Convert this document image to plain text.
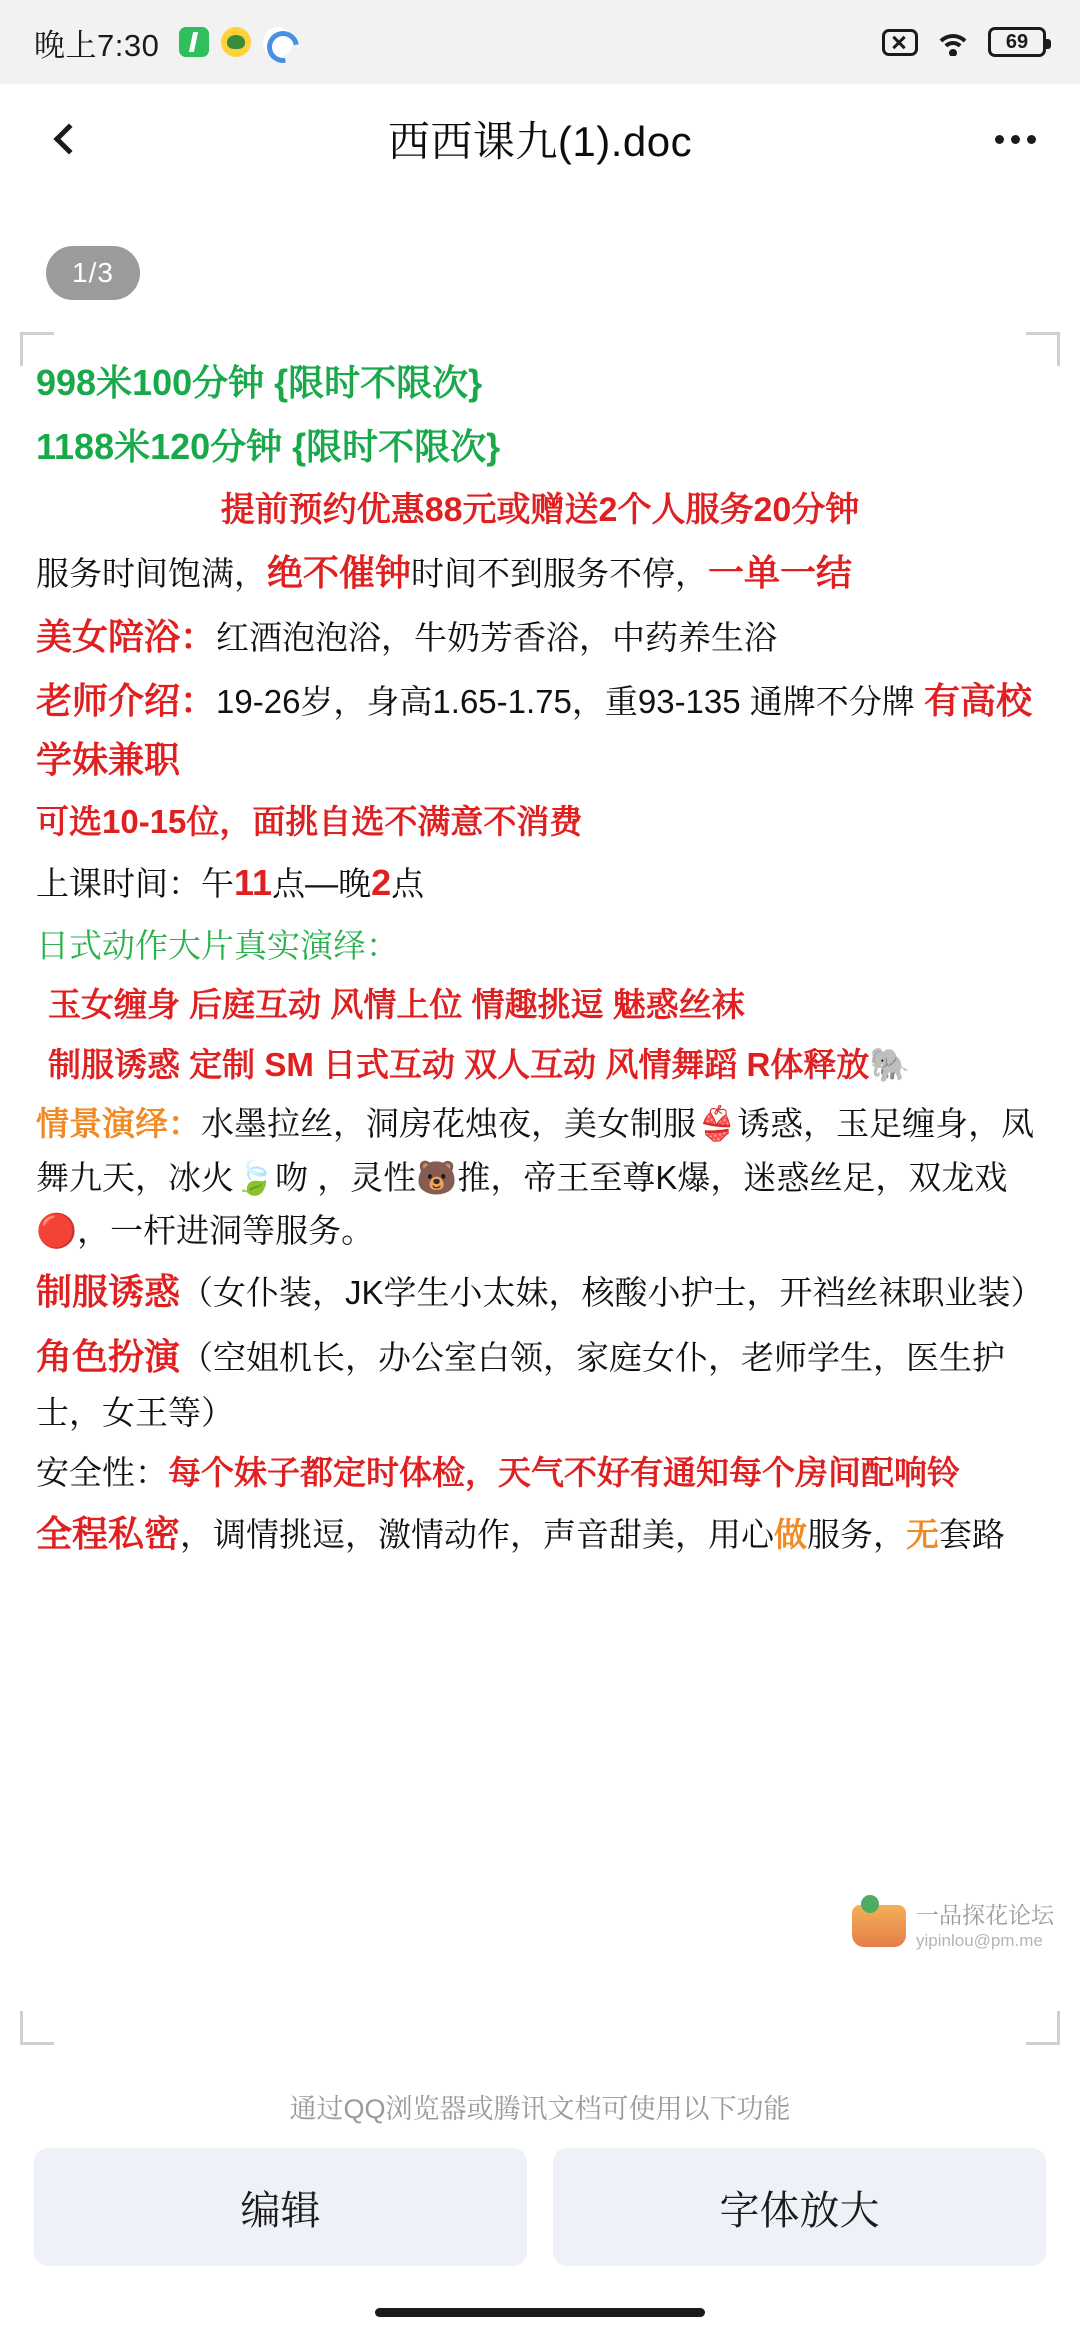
晚上7:30	69
西西课九(1).doc
1/3

998米100分钟 {限时不限次}

1188米120分钟 {限时不限次}

提前预约优惠88元或赠送2个人服务20分钟

服务时间饱满，绝不催钟时间不到服务不停，一单一结

美女陪浴：红酒泡泡浴，牛奶芳香浴，中药养生浴

老师介绍：19-26岁，身高1.65-1.75，重93-135 通牌不分牌 有高校学妹兼职

可选10-15位，面挑自选不满意不消费

上课时间：午11点—晚2点

日式动作大片真实演绎：

玉女缠身 后庭互动 风情上位 情趣挑逗 魅惑丝袜

制服诱惑 定制 SM 日式互动 双人互动 风情舞蹈 R体释放🐘

情景演绎：水墨拉丝，洞房花烛夜，美女制服👙诱惑，玉足缠身，凤舞九天，冰火🍃吻 ，灵性🐻推，帝王至尊K爆，迷惑丝足，双龙戏🔴，一杆进洞等服务。

制服诱惑（女仆装，JK学生小太妹，核酸小护士，开裆丝袜职业装）

角色扮演（空姐机长，办公室白领，家庭女仆，老师学生，医生护士，女王等）

安全性：每个妹子都定时体检，天气不好有通知每个房间配响铃

全程私密，调情挑逗，激情动作，声音甜美，用心做服务，无套路

一品探花论坛
yipinlou@pm.me
通过QQ浏览器或腾讯文档可使用以下功能
编辑	字体放大
